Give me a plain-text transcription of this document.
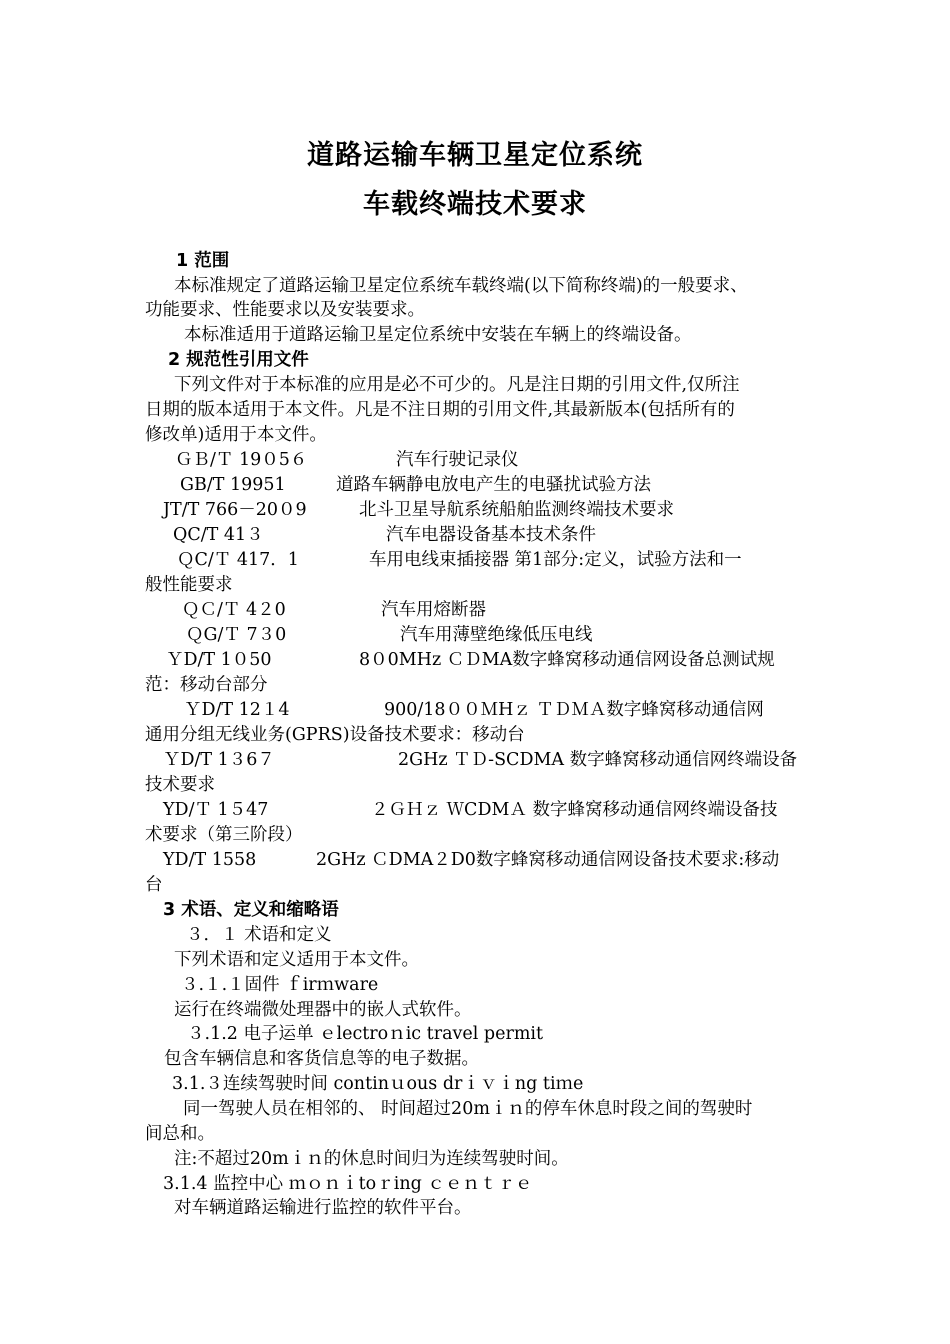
道路运输车辆卫星定位系统
车载终端技术要求
1 范围
本标准规定了道路运输卫星定位系统车载终端(以下简称终端)的一般要求、
功能要求、性能要求以及安装要求。
本标准适用于道路运输卫星定位系统中安装在车辆上的终端设备。
2 规范性引用文件
下列文件对于本标准的应用是必不可少的。凡是注日期的引用文件,仅所注
日期的版本适用于本文件。凡是不注日期的引用文件,其最新版本(包括所有的
修改单)适用于本文件。
ＧＢ/Ｔ 19０5６	汽车行驶记录仪
GB/T 19951	道路车辆静电放电产生的电骚扰试验方法
JT/T 766－20０9	北斗卫星导航系统船舶监测终端技术要求
QC/T 41３	汽车电器设备基本技术条件
ＱC/Ｔ 417．1	车用电线束插接器 第1部分:定义，试验方法和一
般性能要求
ＱＣ/Ｔ 4２0	汽车用熔断器
ＱG/Ｔ 7３0	汽车用薄壁绝缘低压电线
ＹD/T 1０50	8０0MHz ＣＤMA数字蜂窝移动通信网设备总测试规
范：移动台部分
ＹD/T 12１4	900/18００ＭHｚ ＴＤＭＡ数字蜂窝移动通信网
通用分组无线业务(GPRS)设备技术要求：移动台
ＹD/T 1３6７	2GHz ＴＤ-SCDMA 数字蜂窝移动通信网终端设备
技术要求
YD/Ｔ 1５47	２ＧＨｚ ＷCDMＡ 数字蜂窝移动通信网终端设备技
术要求（第三阶段）
YD/T 1558	2GHz ＣDMA２D0数字蜂窝移动通信网设备技术要求:移动
台
3 术语、定义和缩略语
３．１ 术语和定义
下列术语和定义适用于本文件。
３.１.１固件 ｆirｍware
运行在终端微处理器中的嵌人式软件。
３.1.2 电子运单 ｅlectroｎic travel permit
包含车辆信息和客货信息等的电子数据。
3.1.３连续驾驶时间 continｕous drｉｖｉng tiｍe
同一驾驶人员在相邻的、 时间超过20mｉｎ的停车休息时段之间的驾驶时
间总和。
注:不超过20mｉｎ的休息时间归为连续驾驶时间。
3.1.4 监控中心 ｍｏｎｉtoｒing ｃｅｎｔｒｅ
对车辆道路运输进行监控的软件平台。
